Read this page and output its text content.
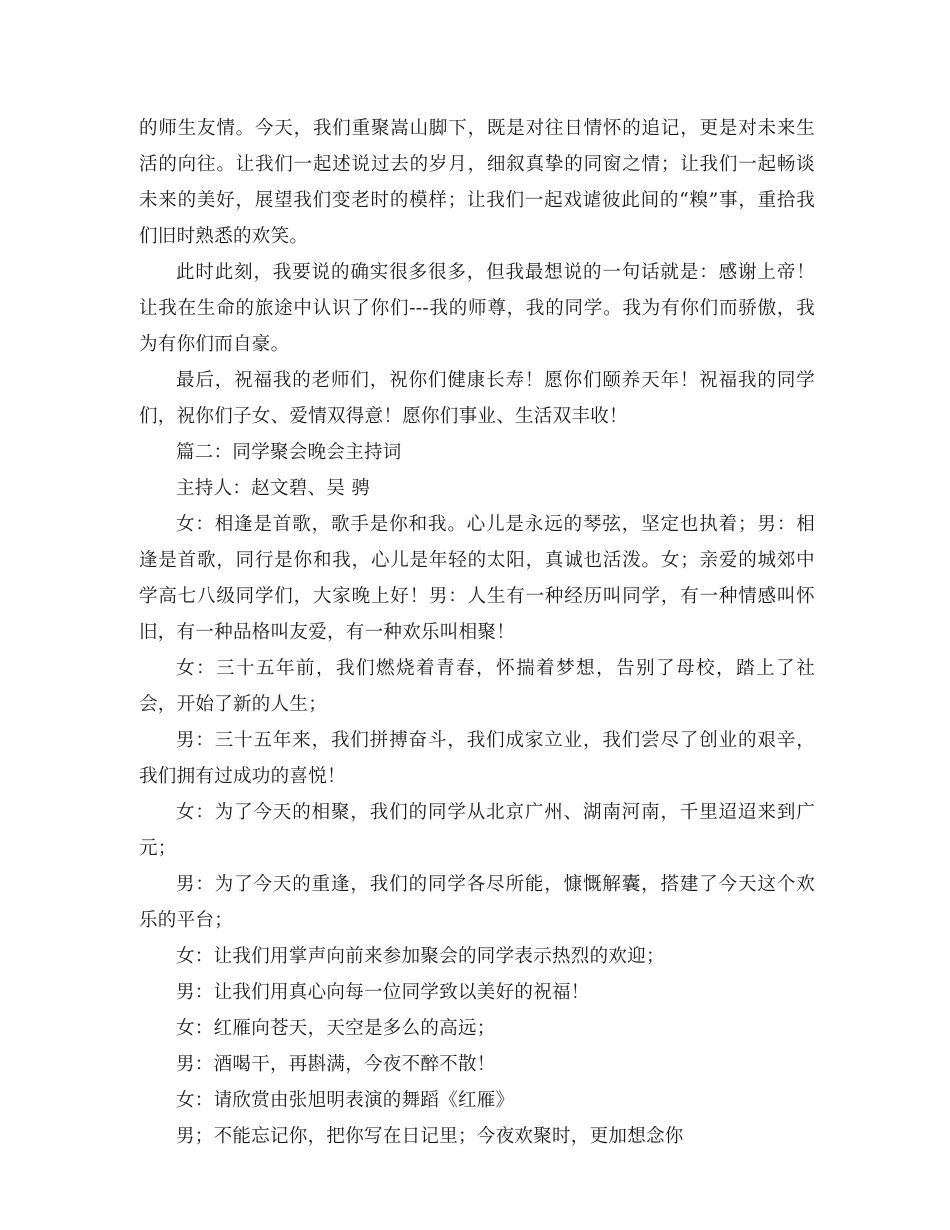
的师生友情。今天，我们重聚嵩山脚下，既是对往日情怀的追记，更是对未来生活的向往。让我们一起述说过去的岁月，细叙真挚的同窗之情；让我们一起畅谈未来的美好，展望我们变老时的模样；让我们一起戏谑彼此间的“糗”事，重拾我们旧时熟悉的欢笑。

此时此刻，我要说的确实很多很多，但我最想说的一句话就是：感谢上帝！让我在生命的旅途中认识了你们---我的师尊，我的同学。我为有你们而骄傲，我为有你们而自豪。

最后，祝福我的老师们，祝你们健康长寿！愿你们颐养天年！祝福我的同学们，祝你们子女、爱情双得意！愿你们事业、生活双丰收！

篇二：同学聚会晚会主持词

主持人：赵文碧、吴 骋

女：相逢是首歌，歌手是你和我。心儿是永远的琴弦，坚定也执着；男：相逢是首歌，同行是你和我，心儿是年轻的太阳，真诚也活泼。女；亲爱的城郊中学高七八级同学们，大家晚上好！男：人生有一种经历叫同学，有一种情感叫怀旧，有一种品格叫友爱，有一种欢乐叫相聚！

女：三十五年前，我们燃烧着青春，怀揣着梦想，告别了母校，踏上了社会，开始了新的人生；

男：三十五年来，我们拼搏奋斗，我们成家立业，我们尝尽了创业的艰辛，我们拥有过成功的喜悦！

女：为了今天的相聚，我们的同学从北京广州、湖南河南，千里迢迢来到广元；

男：为了今天的重逢，我们的同学各尽所能，慷慨解囊，搭建了今天这个欢乐的平台；

女：让我们用掌声向前来参加聚会的同学表示热烈的欢迎；

男：让我们用真心向每一位同学致以美好的祝福！

女：红雁向苍天，天空是多么的高远；

男：酒喝干，再斟满，今夜不醉不散！

女：请欣赏由张旭明表演的舞蹈《红雁》

男；不能忘记你，把你写在日记里；今夜欢聚时，更加想念你
